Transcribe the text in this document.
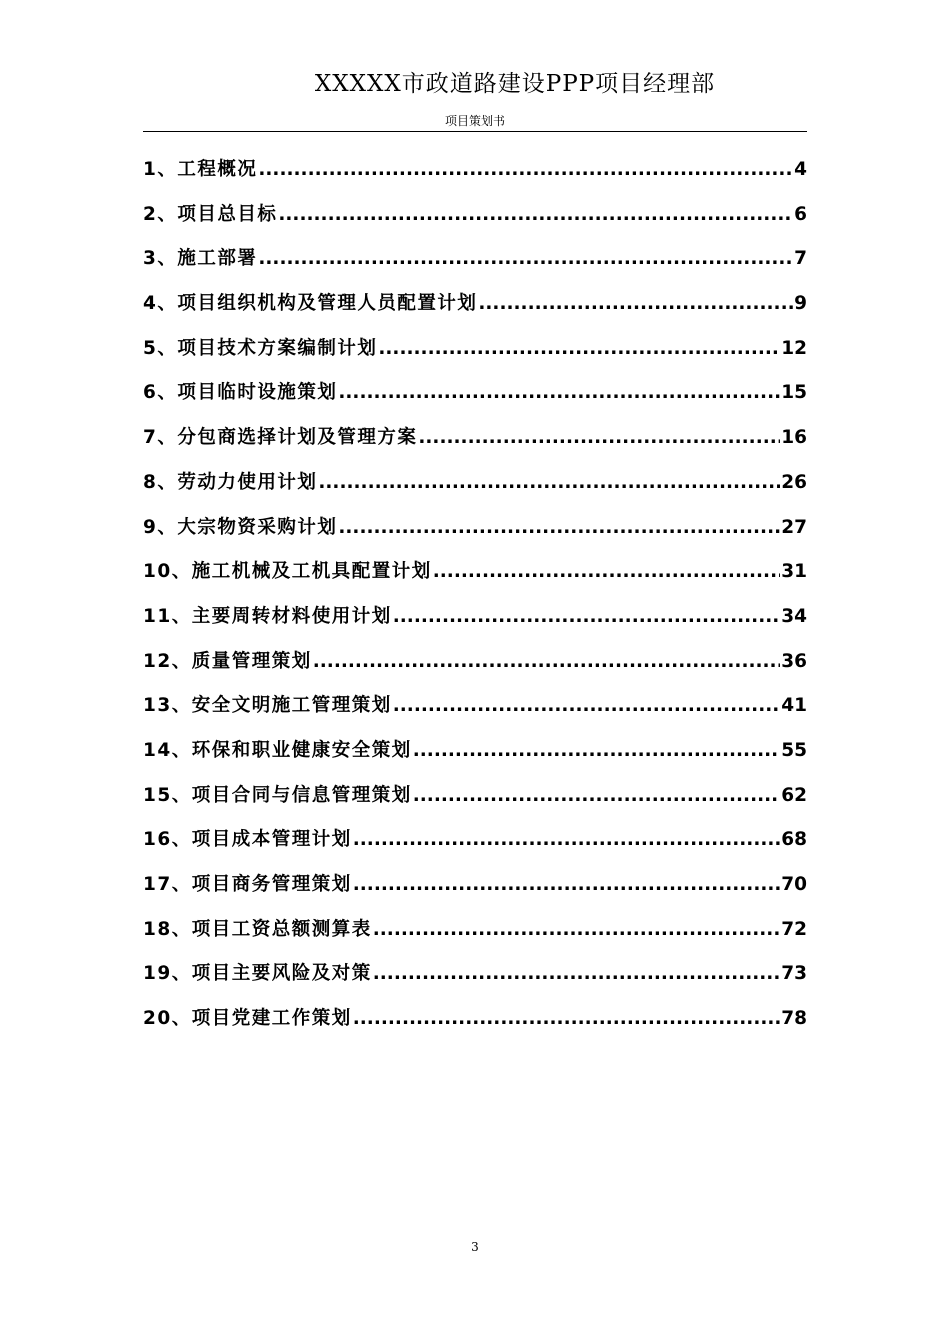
XXXXX市政道路建设PPP项目经理部
项目策划书
1、工程概况 .....	4
2、项目总目标 .....	6
3、施工部署 .....	7
4、项目组织机构及管理人员配置计划 .....	9
5、项目技术方案编制计划 .....	12
6、项目临时设施策划 .....	15
7、分包商选择计划及管理方案 .....	16
8、劳动力使用计划 .....	26
9、大宗物资采购计划 .....	27
10、施工机械及工机具配置计划 .....	31
11、主要周转材料使用计划 .....	34
12、质量管理策划 .....	36
13、安全文明施工管理策划 .....	41
14、环保和职业健康安全策划 .....	55
15、项目合同与信息管理策划 .....	62
16、项目成本管理计划 .....	68
17、项目商务管理策划 .....	70
18、项目工资总额测算表 .....	72
19、项目主要风险及对策 .....	73
20、项目党建工作策划 .....	78
3
